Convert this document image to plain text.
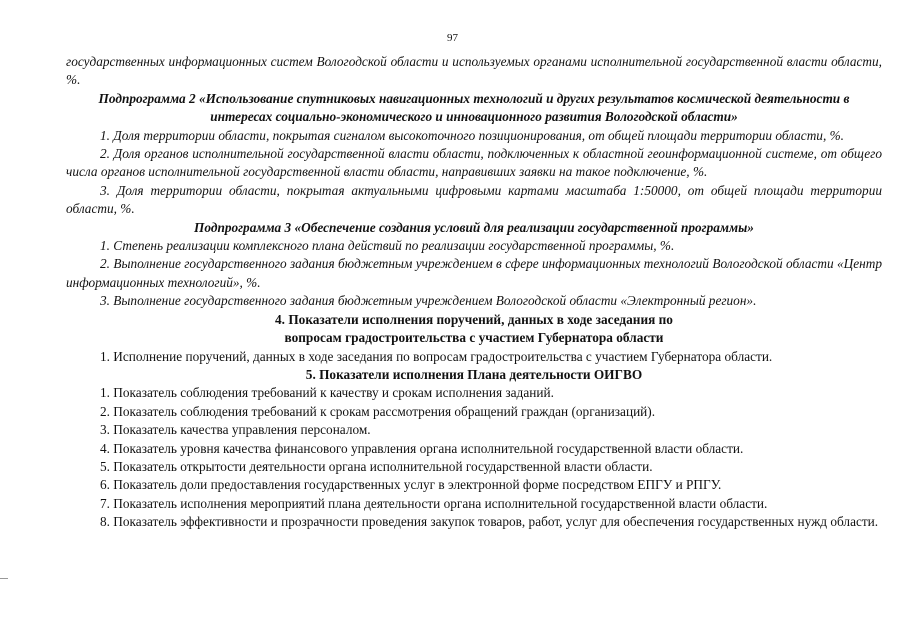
97

государственных информационных систем Вологодской области и используемых органами исполнительной государственной власти области, %.

Подпрограмма 2 «Использование спутниковых навигационных технологий и других результатов космической деятельности в интересах социально-экономического и инновационного развития Вологодской области»

1. Доля территории области, покрытая сигналом высокоточного позиционирования, от общей площади территории области, %.

2. Доля органов исполнительной государственной власти области, подключенных к областной геоинформационной системе, от общего числа органов исполнительной государственной власти области, направивших заявки на такое подключение, %.

3. Доля территории области, покрытая актуальными цифровыми картами масштаба 1:50000, от общей площади территории области, %.

Подпрограмма 3 «Обеспечение создания условий для реализации государственной программы»

1. Степень реализации комплексного плана действий по реализации государственной программы, %.

2. Выполнение государственного задания бюджетным учреждением в сфере информационных технологий Вологодской области «Центр информационных технологий», %.

3. Выполнение государственного задания бюджетным учреждением Вологодской области «Электронный регион».

4. Показатели исполнения поручений, данных в ходе заседания по

вопросам градостроительства с участием Губернатора области

1. Исполнение поручений, данных в ходе заседания по вопросам градостроительства с участием Губернатора области.

5. Показатели исполнения Плана деятельности ОИГВО

1. Показатель соблюдения требований к качеству и срокам исполнения заданий.

2. Показатель соблюдения требований к срокам рассмотрения обращений граждан (организаций).

3. Показатель качества управления персоналом.

4. Показатель уровня качества финансового управления органа исполнительной государственной власти области.

5. Показатель открытости деятельности органа исполнительной государственной власти области.

6. Показатель доли предоставления государственных услуг в электронной форме посредством ЕПГУ и РПГУ.

7. Показатель исполнения мероприятий плана деятельности органа исполнительной государственной власти области.

8. Показатель эффективности и прозрачности проведения закупок товаров, работ, услуг для обеспечения государственных нужд области.
